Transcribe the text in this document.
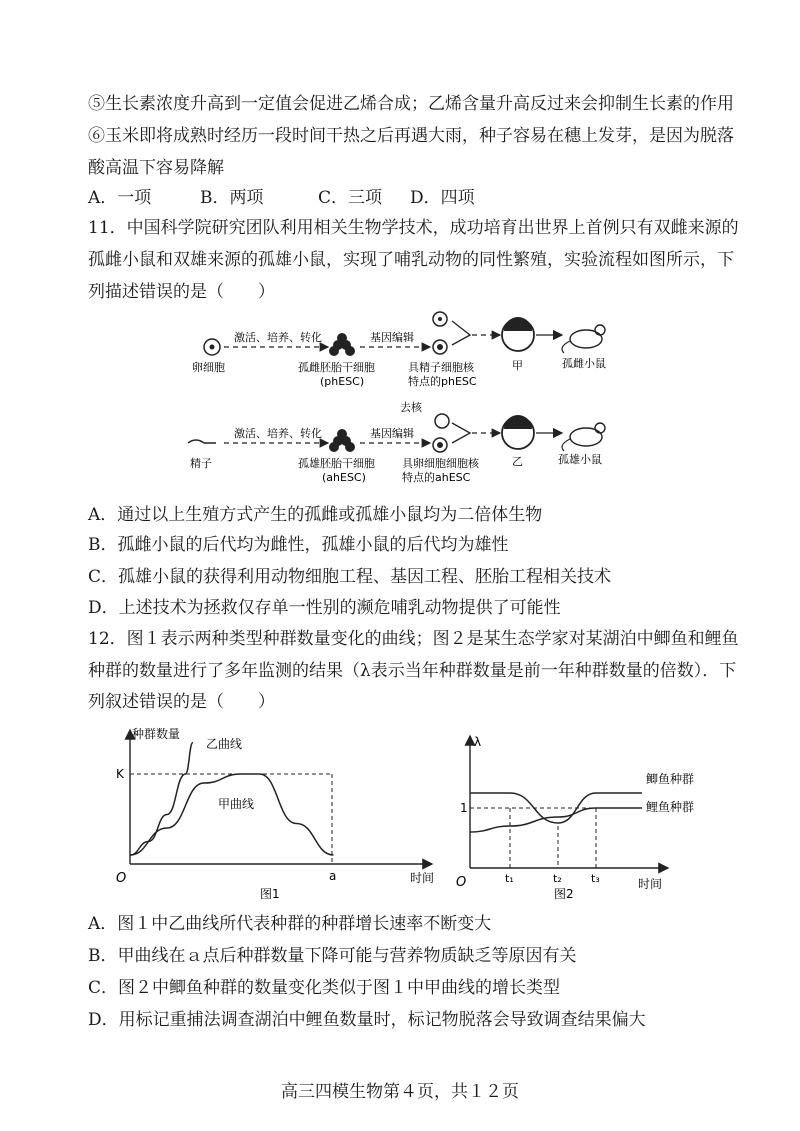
⑤生长素浓度升高到一定值会促进乙烯合成；乙烯含量升高反过来会抑制生长素的作用
⑥玉米即将成熟时经历一段时间干热之后再遇大雨，种子容易在穗上发芽，是因为脱落
酸高温下容易降解
A．一项	B．两项	C．三项 D．四项
11．中国科学院研究团队利用相关生物学技术，成功培育出世界上首例只有双雌来源的
孤雌小鼠和双雄来源的孤雄小鼠，实现了哺乳动物的同性繁殖，实验流程如图所示，下
列描述错误的是（　　）
卵细胞
激活、培养、转化
孤雌胚胎干细胞
(phESC)
基因编辑
具精子细胞核
特点的phESC
甲	孤雌小鼠
去核
精子
激活、培养、转化
孤雄胚胎干细胞
(ahESC)
基因编辑
具卵细胞细胞核
特点的ahESC
乙	孤雄小鼠
A．通过以上生殖方式产生的孤雌或孤雄小鼠均为二倍体生物
B．孤雌小鼠的后代均为雌性，孤雄小鼠的后代均为雄性
C．孤雄小鼠的获得利用动物细胞工程、基因工程、胚胎工程相关技术
D．上述技术为拯救仅存单一性别的濒危哺乳动物提供了可能性
12．图１表示两种类型种群数量变化的曲线；图２是某生态学家对某湖泊中鲫鱼和鲤鱼
种群的数量进行了多年监测的结果（λ表示当年种群数量是前一年种群数量的倍数）．下
列叙述错误的是（　　）
种群数量
时间
O
K
a
乙曲线
甲曲线
图1
λ
时间
O
1
t₁	t₂	t₃
鲫鱼种群
鲤鱼种群
图2
A．图１中乙曲线所代表种群的种群增长速率不断变大
B．甲曲线在ａ点后种群数量下降可能与营养物质缺乏等原因有关
C．图２中鲫鱼种群的数量变化类似于图１中甲曲线的增长类型
D．用标记重捕法调查湖泊中鲤鱼数量时，标记物脱落会导致调查结果偏大
高三四模生物第４页，共１２页
